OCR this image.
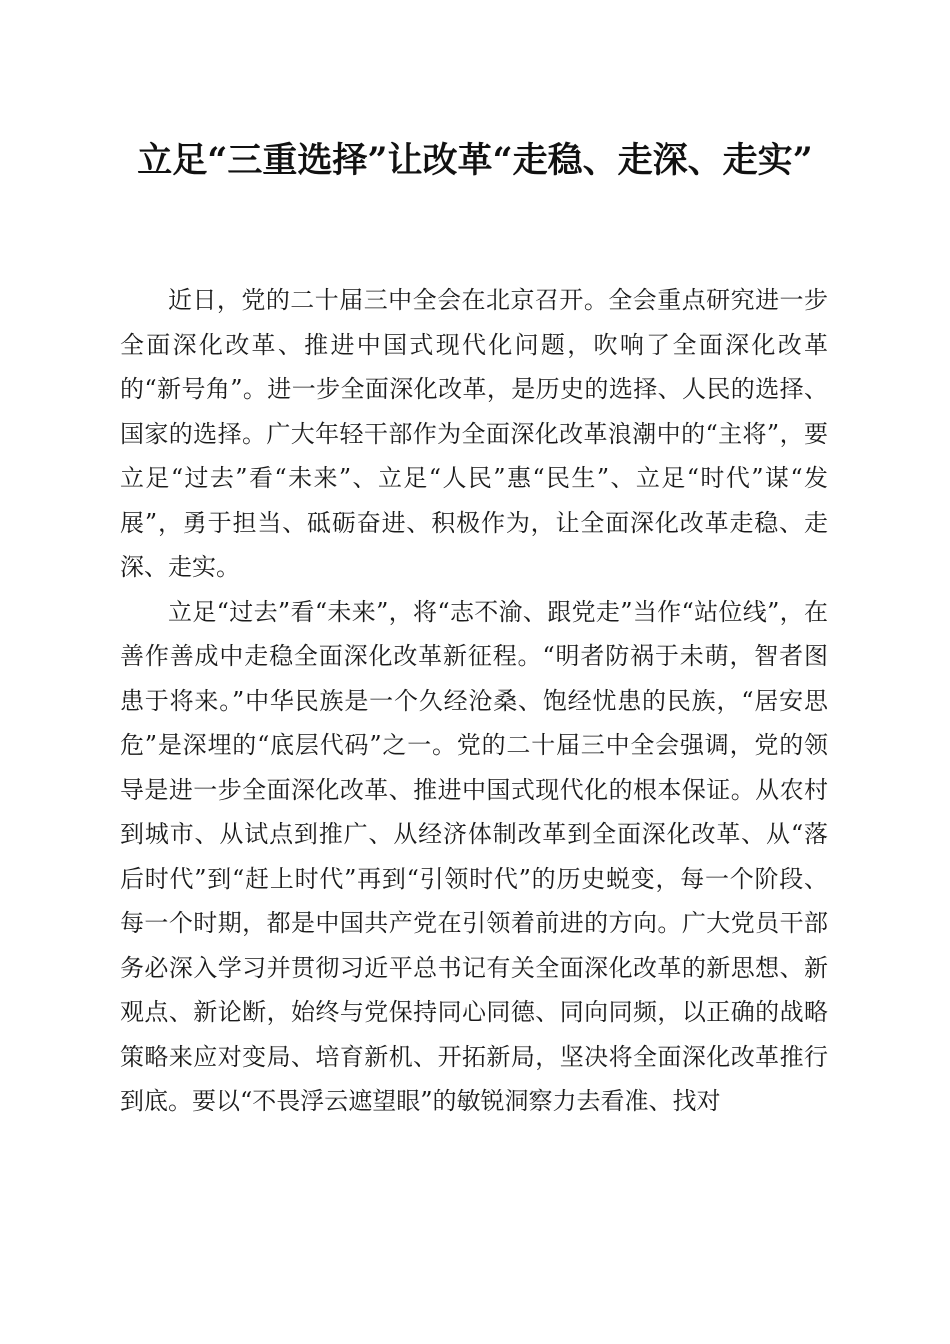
立足“三重选择”让改革“走稳、走深、走实”

近日，党的二十届三中全会在北京召开。全会重点研究进一步全面深化改革、推进中国式现代化问题，吹响了全面深化改革的“新号角”。进一步全面深化改革，是历史的选择、人民的选择、国家的选择。广大年轻干部作为全面深化改革浪潮中的“主将”，要立足“过去”看“未来”、立足“人民”惠“民生”、立足“时代”谋“发展”，勇于担当、砥砺奋进、积极作为，让全面深化改革走稳、走深、走实。

立足“过去”看“未来”，将“志不渝、跟党走”当作“站位线”，在善作善成中走稳全面深化改革新征程。“明者防祸于未萌，智者图患于将来。”中华民族是一个久经沧桑、饱经忧患的民族，“居安思危”是深埋的“底层代码”之一。党的二十届三中全会强调，党的领导是进一步全面深化改革、推进中国式现代化的根本保证。从农村到城市、从试点到推广、从经济体制改革到全面深化改革、从“落后时代”到“赶上时代”再到“引领时代”的历史蜕变，每一个阶段、每一个时期，都是中国共产党在引领着前进的方向。广大党员干部务必深入学习并贯彻习近平总书记有关全面深化改革的新思想、新观点、新论断，始终与党保持同心同德、同向同频，以正确的战略策略来应对变局、培育新机、开拓新局，坚决将全面深化改革推行到底。要以“不畏浮云遮望眼”的敏锐洞察力去看准、找对
